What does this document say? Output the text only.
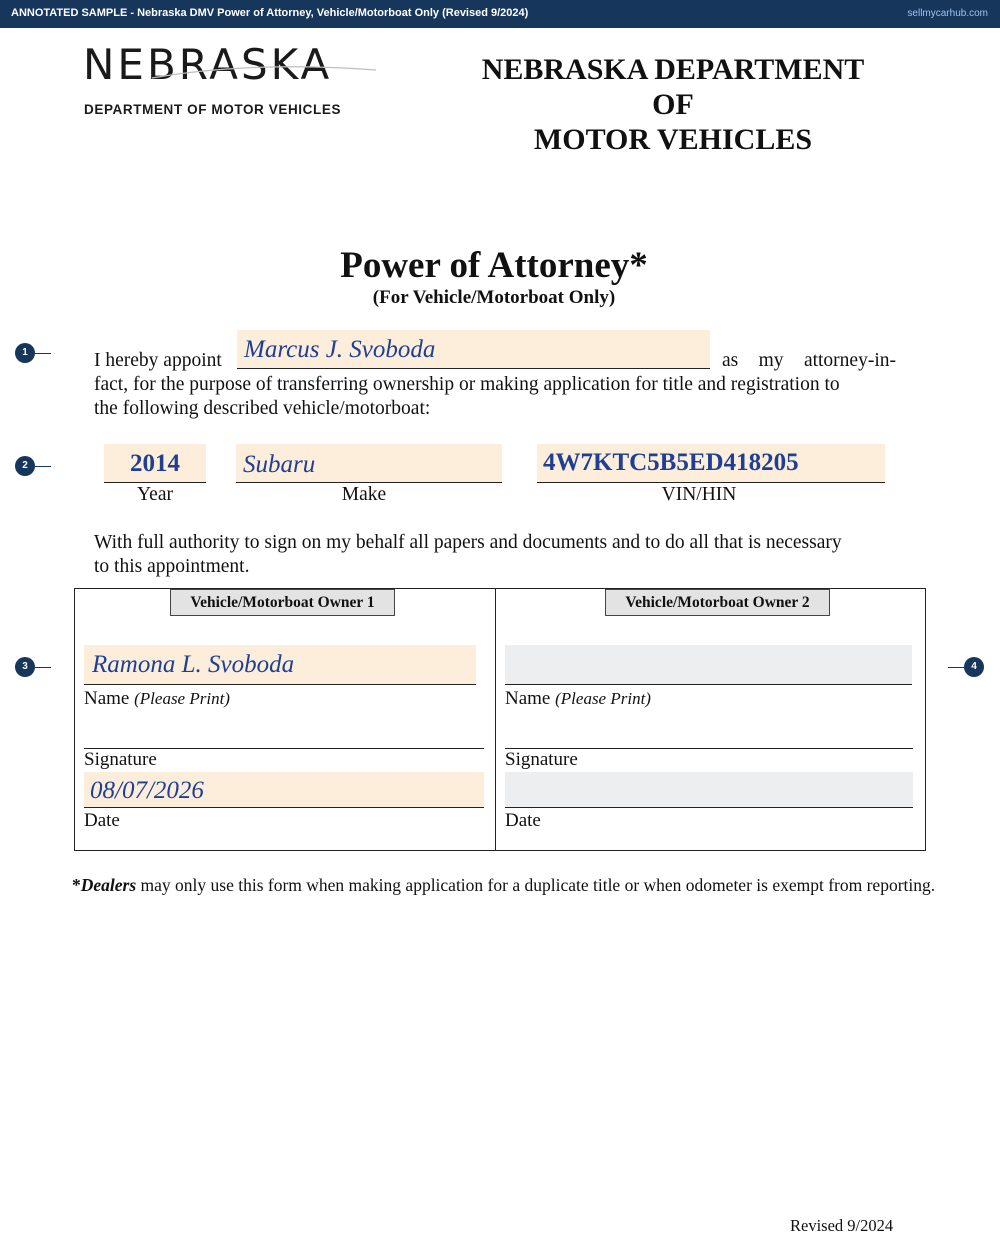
ANNOTATED SAMPLE - Nebraska DMV Power of Attorney, Vehicle/Motorboat Only (Revised 9/2024)	sellmycarhub.com
NEBRASKA
DEPARTMENT OF MOTOR VEHICLES
NEBRASKA DEPARTMENT
OF
MOTOR VEHICLES
Power of Attorney*
(For Vehicle/Motorboat Only)
1	I hereby appoint Marcus J. Svoboda	as my attorney-in-
fact, for the purpose of transferring ownership or making application for title and registration to
the following described vehicle/motorboat:
2	2014
Year
Subaru
Make
4W7KTC5B5ED418205
VIN/HIN
With full authority to sign on my behalf all papers and documents and to do all that is necessary
to this appointment.
Vehicle/Motorboat Owner 1	Vehicle/Motorboat Owner 2
3	4
Ramona L. Svoboda
Name (Please Print)
Signature
08/07/2026
Date
Name (Please Print)
Signature
Date
*Dealers may only use this form when making application for a duplicate title or when odometer is exempt from reporting.
Revised 9/2024
